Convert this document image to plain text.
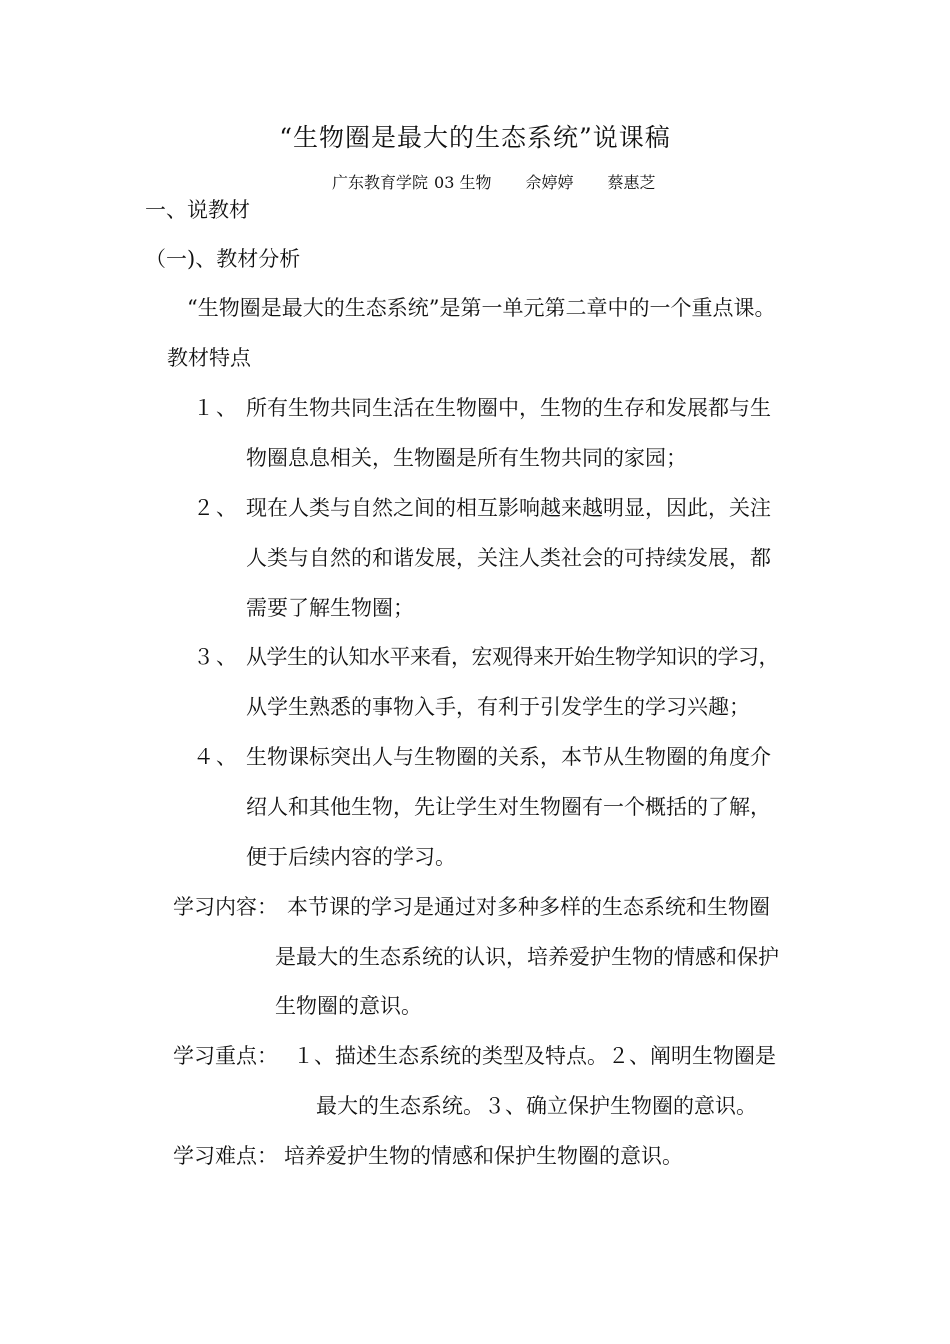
“生物圈是最大的生态系统”说课稿
广东教育学院 03 生物 佘婷婷 蔡惠芝
一、说教材
（一)、教材分析
“生物圈是最大的生态系统”是第一单元第二章中的一个重点课。
教材特点
１、 所有生物共同生活在生物圈中，生物的生存和发展都与生
物圈息息相关，生物圈是所有生物共同的家园；
２、 现在人类与自然之间的相互影响越来越明显，因此，关注
人类与自然的和谐发展，关注人类社会的可持续发展，都
需要了解生物圈；
３、 从学生的认知水平来看，宏观得来开始生物学知识的学习，
从学生熟悉的事物入手，有利于引发学生的学习兴趣；
４、 生物课标突出人与生物圈的关系，本节从生物圈的角度介
绍人和其他生物，先让学生对生物圈有一个概括的了解，
便于后续内容的学习。
学习内容： 本节课的学习是通过对多种多样的生态系统和生物圈
是最大的生态系统的认识，培养爱护生物的情感和保护
生物圈的意识。
学习重点： １、描述生态系统的类型及特点。２、阐明生物圈是
最大的生态系统。３、确立保护生物圈的意识。
学习难点： 培养爱护生物的情感和保护生物圈的意识。
